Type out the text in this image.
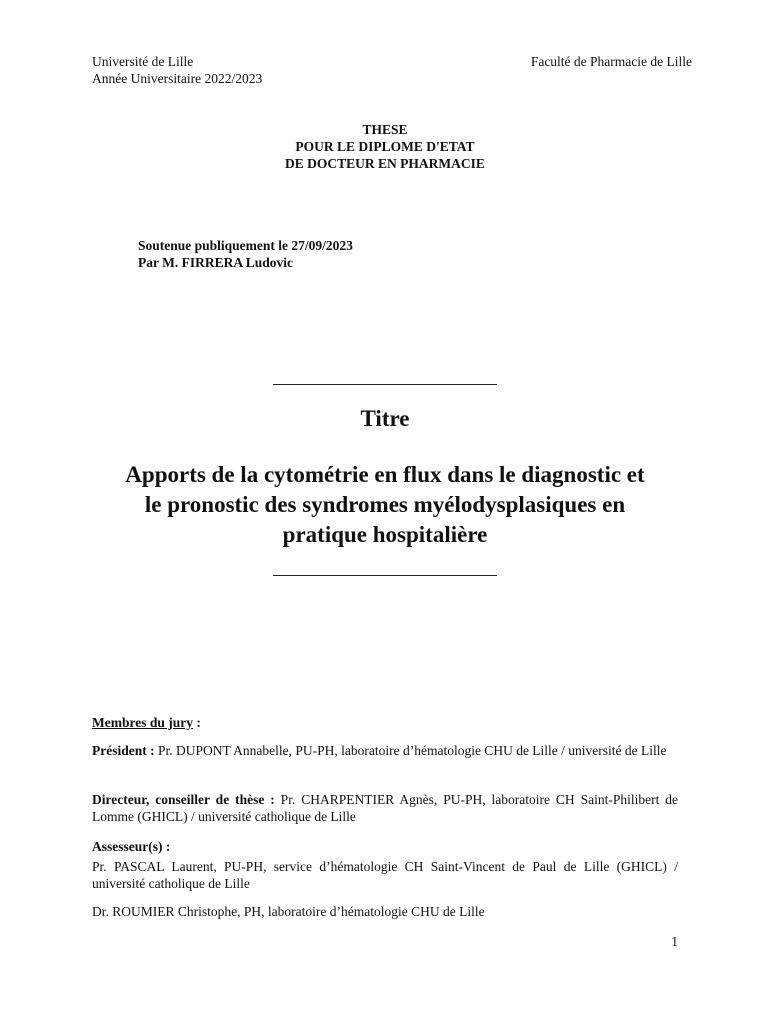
Université de Lille
Année Universitaire 2022/2023
Faculté de Pharmacie de Lille
THESE
POUR LE DIPLOME D'ETAT
DE DOCTEUR EN PHARMACIE
Soutenue publiquement le 27/09/2023
Par M. FIRRERA Ludovic
Titre
Apports de la cytométrie en flux dans le diagnostic et
le pronostic des syndromes myélodysplasiques en
pratique hospitalière
Membres du jury :
Président : Pr. DUPONT Annabelle, PU-PH, laboratoire d’hématologie CHU de Lille / université de Lille
Directeur, conseiller de thèse : Pr. CHARPENTIER Agnès, PU-PH, laboratoire CH Saint-Philibert de Lomme (GHICL) / université catholique de Lille
Assesseur(s) :
Pr. PASCAL Laurent, PU-PH, service d’hématologie CH Saint-Vincent de Paul de Lille (GHICL) / université catholique de Lille
Dr. ROUMIER Christophe, PH, laboratoire d’hématologie CHU de Lille
1
